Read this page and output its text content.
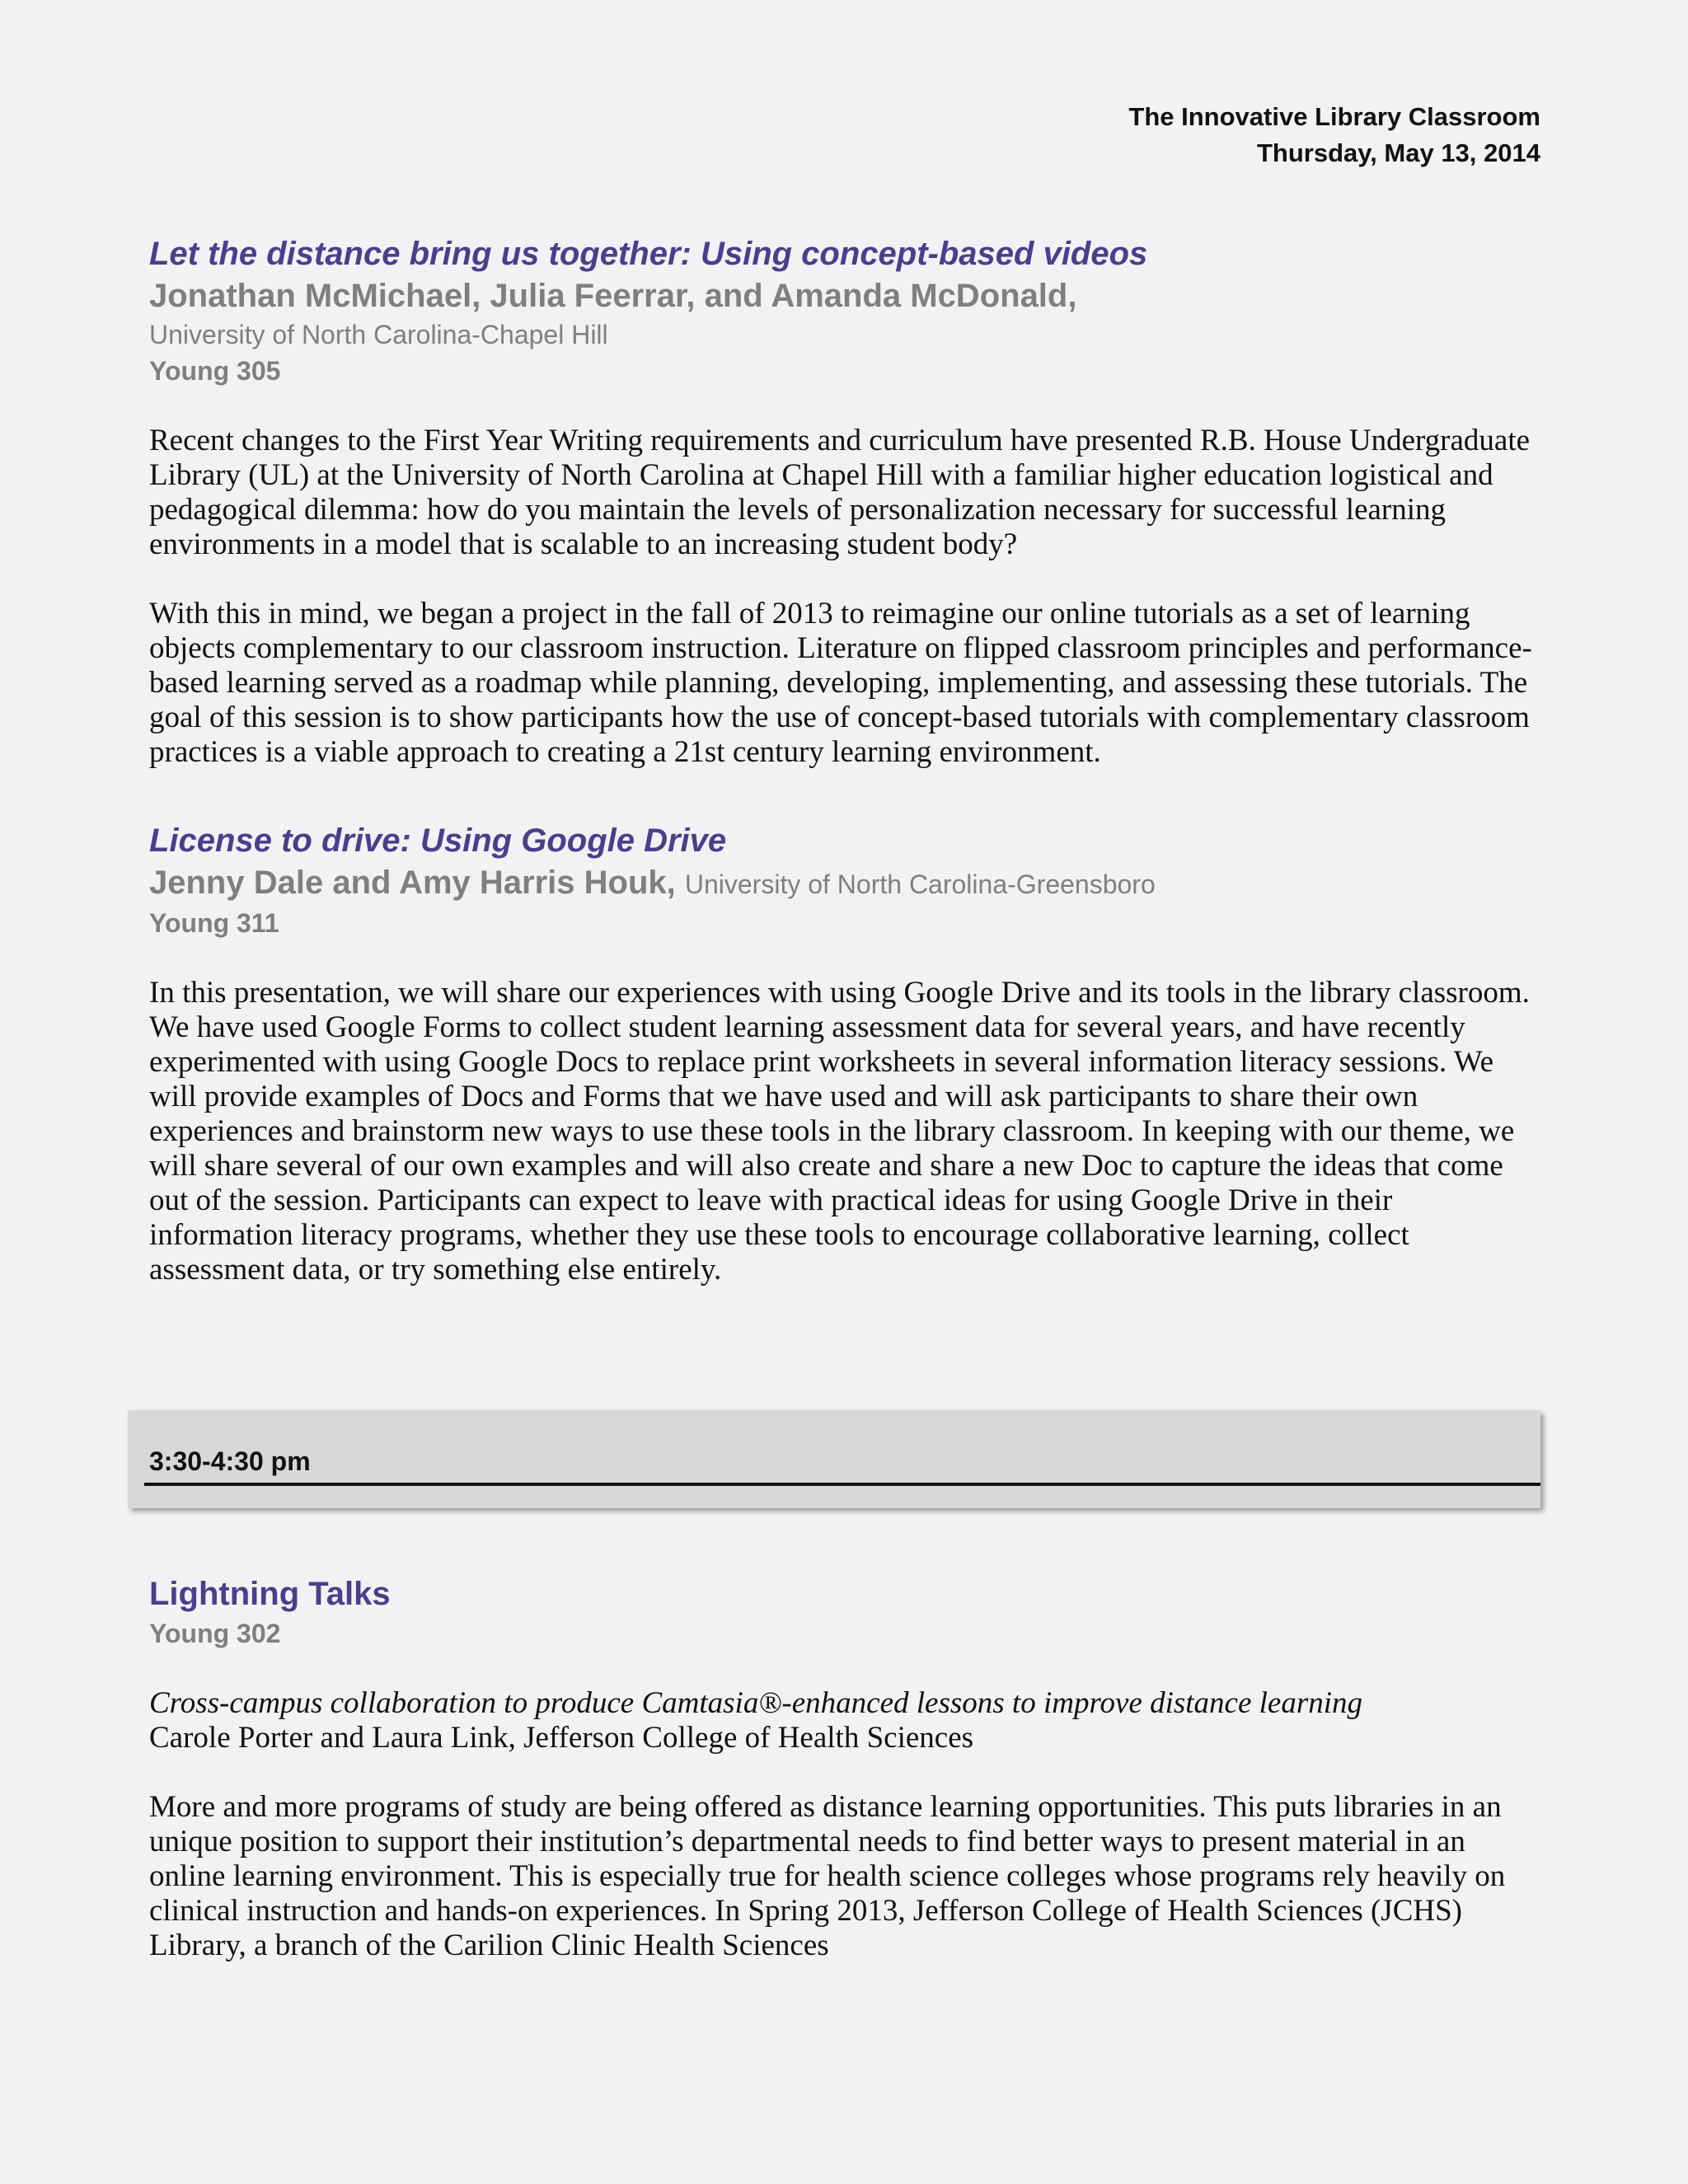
The Innovative Library Classroom
Thursday, May 13, 2014
Let the distance bring us together: Using concept-based videos

Jonathan McMichael, Julia Feerrar, and Amanda McDonald,

University of North Carolina-Chapel Hill

Young 305

Recent changes to the First Year Writing requirements and curriculum have presented R.B. House Undergraduate Library (UL) at the University of North Carolina at Chapel Hill with a familiar higher education logistical and pedagogical dilemma: how do you maintain the levels of personalization necessary for successful learning environments in a model that is scalable to an increasing student body?

With this in mind, we began a project in the fall of 2013 to reimagine our online tutorials as a set of learning objects complementary to our classroom instruction. Literature on flipped classroom principles and performance-based learning served as a roadmap while planning, developing, implementing, and assessing these tutorials. The goal of this session is to show participants how the use of concept-based tutorials with complementary classroom practices is a viable approach to creating a 21st century learning environment.

License to drive: Using Google Drive

Jenny Dale and Amy Harris Houk, University of North Carolina-Greensboro

Young 311

In this presentation, we will share our experiences with using Google Drive and its tools in the library classroom. We have used Google Forms to collect student learning assessment data for several years, and have recently experimented with using Google Docs to replace print worksheets in several information literacy sessions. We will provide examples of Docs and Forms that we have used and will ask participants to share their own experiences and brainstorm new ways to use these tools in the library classroom. In keeping with our theme, we will share several of our own examples and will also create and share a new Doc to capture the ideas that come out of the session. Participants can expect to leave with practical ideas for using Google Drive in their information literacy programs, whether they use these tools to encourage collaborative learning, collect assessment data, or try something else entirely.

3:30-4:30 pm
Lightning Talks

Young 302

Cross-campus collaboration to produce Camtasia®-enhanced lessons to improve distance learning

Carole Porter and Laura Link, Jefferson College of Health Sciences

More and more programs of study are being offered as distance learning opportunities. This puts libraries in an unique position to support their institution’s departmental needs to find better ways to present material in an online learning environment. This is especially true for health science colleges whose programs rely heavily on clinical instruction and hands-on experiences. In Spring 2013, Jefferson College of Health Sciences (JCHS) Library, a branch of the Carilion Clinic Health Sciences
